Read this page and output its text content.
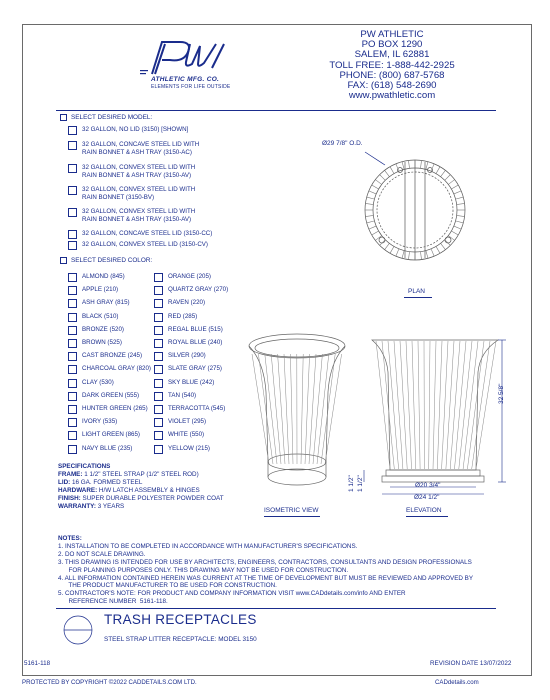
ATHLETIC MFG. CO.
ELEMENTS FOR LIFE OUTSIDE
PW ATHLETIC
PO BOX 1290
SALEM, IL 62881
TOLL FREE: 1-888-442-2925
PHONE: (800) 687-5768
FAX: (618) 548-2690
www.pwathletic.com
SELECT DESIRED MODEL:
32 GALLON, NO LID (3150) [SHOWN]
32 GALLON, CONCAVE STEEL LID WITH
RAIN BONNET & ASH TRAY (3150-AC)
32 GALLON, CONVEX STEEL LID WITH
RAIN BONNET & ASH TRAY (3150-AV)
32 GALLON, CONVEX STEEL LID WITH
RAIN BONNET (3150-BV)
32 GALLON, CONVEX STEEL LID WITH
RAIN BONNET & ASH TRAY (3150-AV)
32 GALLON, CONCAVE STEEL LID (3150-CC)
32 GALLON, CONVEX STEEL LID (3150-CV)
SELECT DESIRED COLOR:
ALMOND (845)
APPLE (210)
ASH GRAY (815)
BLACK (510)
BRONZE (520)
BROWN (525)
CAST BRONZE (245)
CHARCOAL GRAY (820)
CLAY (530)
DARK GREEN (555)
HUNTER GREEN (265)
IVORY (535)
LIGHT GREEN (865)
NAVY BLUE (235)
ORANGE (205)
QUARTZ GRAY (270)
RAVEN (220)
RED (285)
REGAL BLUE (515)
ROYAL BLUE (240)
SILVER (290)
SLATE GRAY (275)
SKY BLUE (242)
TAN (540)
TERRACOTTA (545)
VIOLET (295)
WHITE (550)
YELLOW (215)
SPECIFICATIONS
FRAME: 1 1/2" STEEL STRAP (1/2" STEEL ROD)
LID: 16 GA. FORMED STEEL
HARDWARE: H/W LATCH ASSEMBLY & HINGES
FINISH: SUPER DURABLE POLYESTER POWDER COAT
WARRANTY: 3 YEARS
NOTES:
1. INSTALLATION TO BE COMPLETED IN ACCORDANCE WITH MANUFACTURER'S SPECIFICATIONS.
2. DO NOT SCALE DRAWING.
3. THIS DRAWING IS INTENDED FOR USE BY ARCHITECTS, ENGINEERS, CONTRACTORS, CONSULTANTS AND DESIGN PROFESSIONALS
FOR PLANNING PURPOSES ONLY. THIS DRAWING MAY NOT BE USED FOR CONSTRUCTION.
4. ALL INFORMATION CONTAINED HEREIN WAS CURRENT AT THE TIME OF DEVELOPMENT BUT MUST BE REVIEWED AND APPROVED BY
THE PRODUCT MANUFACTURER TO BE USED FOR CONSTRUCTION.
5. CONTRACTOR'S NOTE: FOR PRODUCT AND COMPANY INFORMATION VISIT www.CADdetails.com/info AND ENTER
REFERENCE NUMBER  5161-118.
Ø29 7/8" O.D.
PLAN
ISOMETRIC VIEW
32 5/8"
1 1/2" 1 1/2"	Ø20 3/4"
Ø24 1/2"
ELEVATION
TRASH RECEPTACLES
STEEL STRAP LITTER RECEPTACLE: MODEL 3150
5161-118	REVISION DATE 13/07/2022
PROTECTED BY COPYRIGHT ©2022 CADDETAILS.COM LTD.	CADdetails.com
